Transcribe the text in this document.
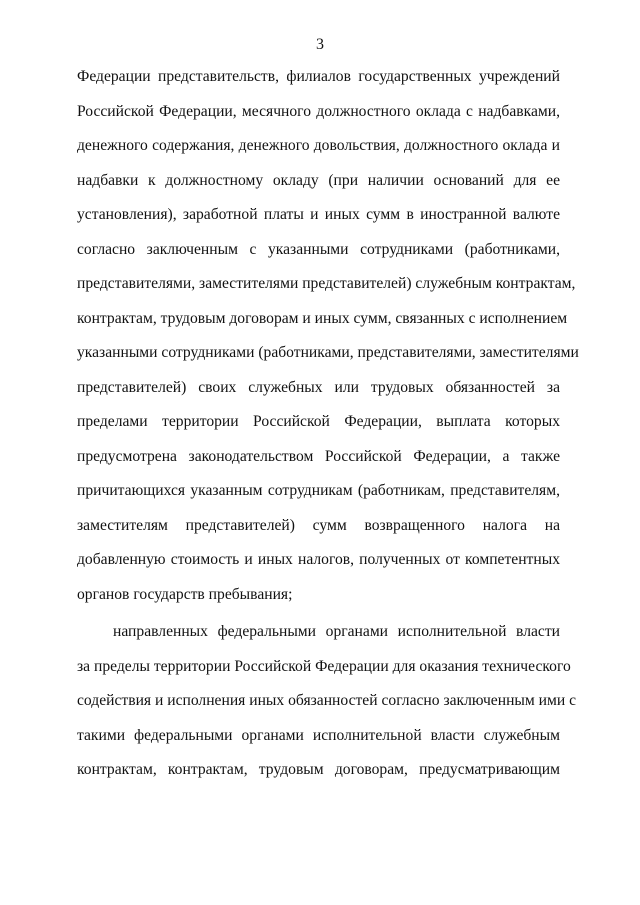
3
Федерации представительств, филиалов государственных учреждений
Российской Федерации, месячного должностного оклада с надбавками,
денежного содержания, денежного довольствия, должностного оклада и
надбавки к должностному окладу (при наличии оснований для ее
установления), заработной платы и иных сумм в иностранной валюте
согласно заключенным с указанными сотрудниками (работниками,
представителями, заместителями представителей) служебным контрактам,
контрактам, трудовым договорам и иных сумм, связанных с исполнением
указанными сотрудниками (работниками, представителями, заместителями
представителей) своих служебных или трудовых обязанностей за
пределами территории Российской Федерации, выплата которых
предусмотрена законодательством Российской Федерации, а также
причитающихся указанным сотрудникам (работникам, представителям,
заместителям представителей) сумм возвращенного налога на
добавленную стоимость и иных налогов, полученных от компетентных
органов государств пребывания;
направленных федеральными органами исполнительной власти
за пределы территории Российской Федерации для оказания технического
содействия и исполнения иных обязанностей согласно заключенным ими с
такими федеральными органами исполнительной власти служебным
контрактам, контрактам, трудовым договорам, предусматривающим
